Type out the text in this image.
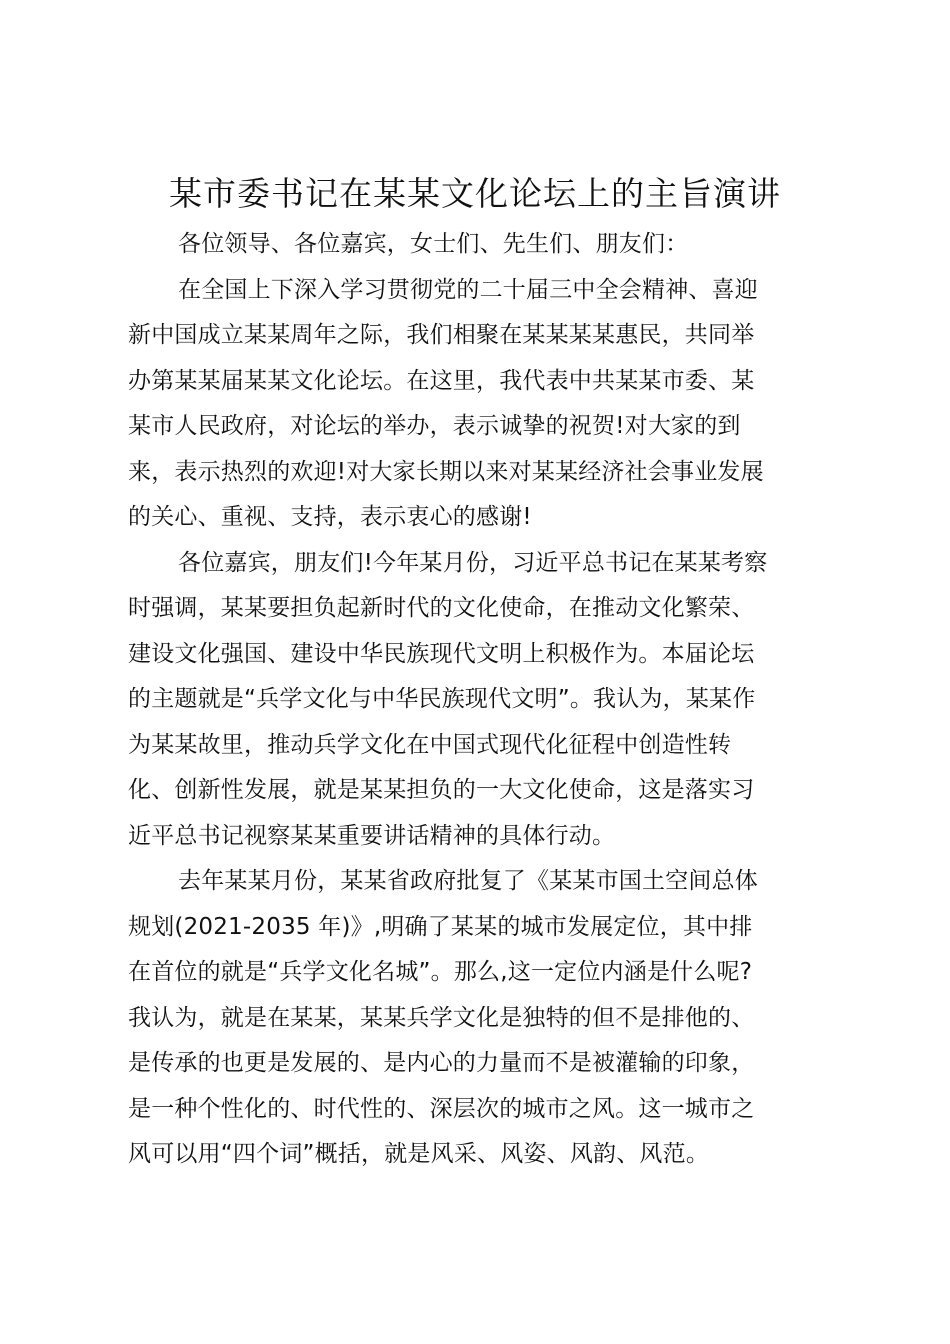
某市委书记在某某文化论坛上的主旨演讲
各位领导、各位嘉宾，女士们、先生们、朋友们：
在全国上下深入学习贯彻党的二十届三中全会精神、喜迎
新中国成立某某周年之际，我们相聚在某某某某惠民，共同举
办第某某届某某文化论坛。在这里，我代表中共某某市委、某
某市人民政府，对论坛的举办，表示诚挚的祝贺!对大家的到
来，表示热烈的欢迎!对大家长期以来对某某经济社会事业发展
的关心、重视、支持，表示衷心的感谢!
各位嘉宾，朋友们!今年某月份，习近平总书记在某某考察
时强调，某某要担负起新时代的文化使命，在推动文化繁荣、
建设文化强国、建设中华民族现代文明上积极作为。本届论坛
的主题就是“兵学文化与中华民族现代文明”。我认为，某某作
为某某故里，推动兵学文化在中国式现代化征程中创造性转
化、创新性发展，就是某某担负的一大文化使命，这是落实习
近平总书记视察某某重要讲话精神的具体行动。
去年某某月份，某某省政府批复了《某某市国土空间总体
规划(2021-2035 年)》,明确了某某的城市发展定位，其中排
在首位的就是“兵学文化名城”。那么,这一定位内涵是什么呢?
我认为，就是在某某，某某兵学文化是独特的但不是排他的、
是传承的也更是发展的、是内心的力量而不是被灌输的印象，
是一种个性化的、时代性的、深层次的城市之风。这一城市之
风可以用“四个词”概括，就是风采、风姿、风韵、风范。
